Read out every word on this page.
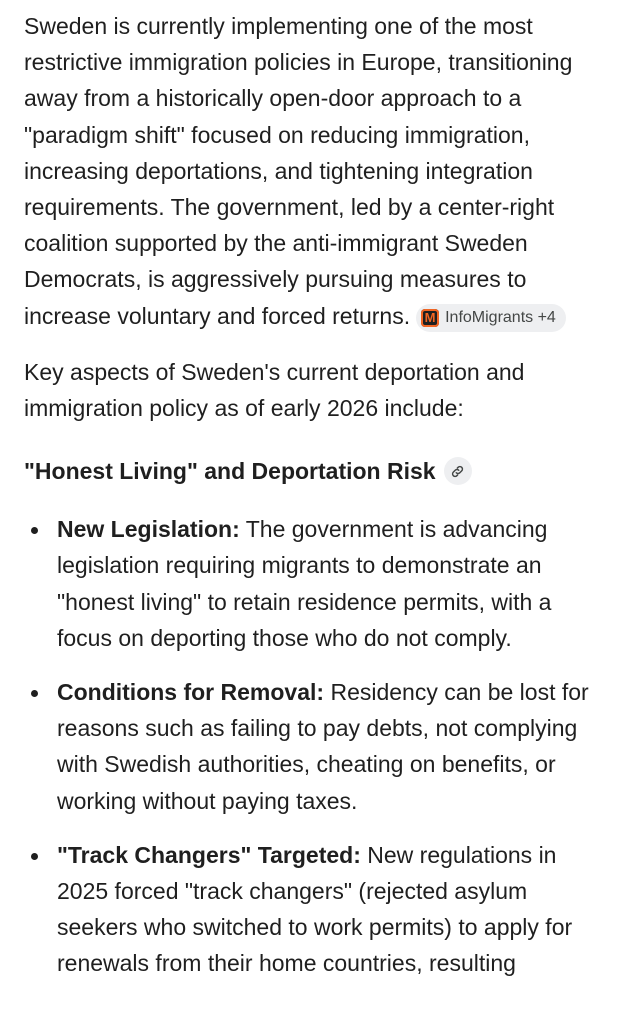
Sweden is currently implementing one of the most restrictive immigration policies in Europe, transitioning away from a historically open-door approach to a "paradigm shift" focused on reducing immigration, increasing deportations, and tightening integration requirements. The government, led by a center-right coalition supported by the anti-immigrant Sweden Democrats, is aggressively pursuing measures to increase voluntary and forced returns. M InfoMigrants +4

Key aspects of Sweden's current deportation and immigration policy as of early 2026 include:

"Honest Living" and Deportation Risk
New Legislation: The government is advancing legislation requiring migrants to demonstrate an "honest living" to retain residence permits, with a focus on deporting those who do not comply.
Conditions for Removal: Residency can be lost for reasons such as failing to pay debts, not complying with Swedish authorities, cheating on benefits, or working without paying taxes.
"Track Changers" Targeted: New regulations in 2025 forced "track changers" (rejected asylum seekers who switched to work permits) to apply for renewals from their home countries, resulting
